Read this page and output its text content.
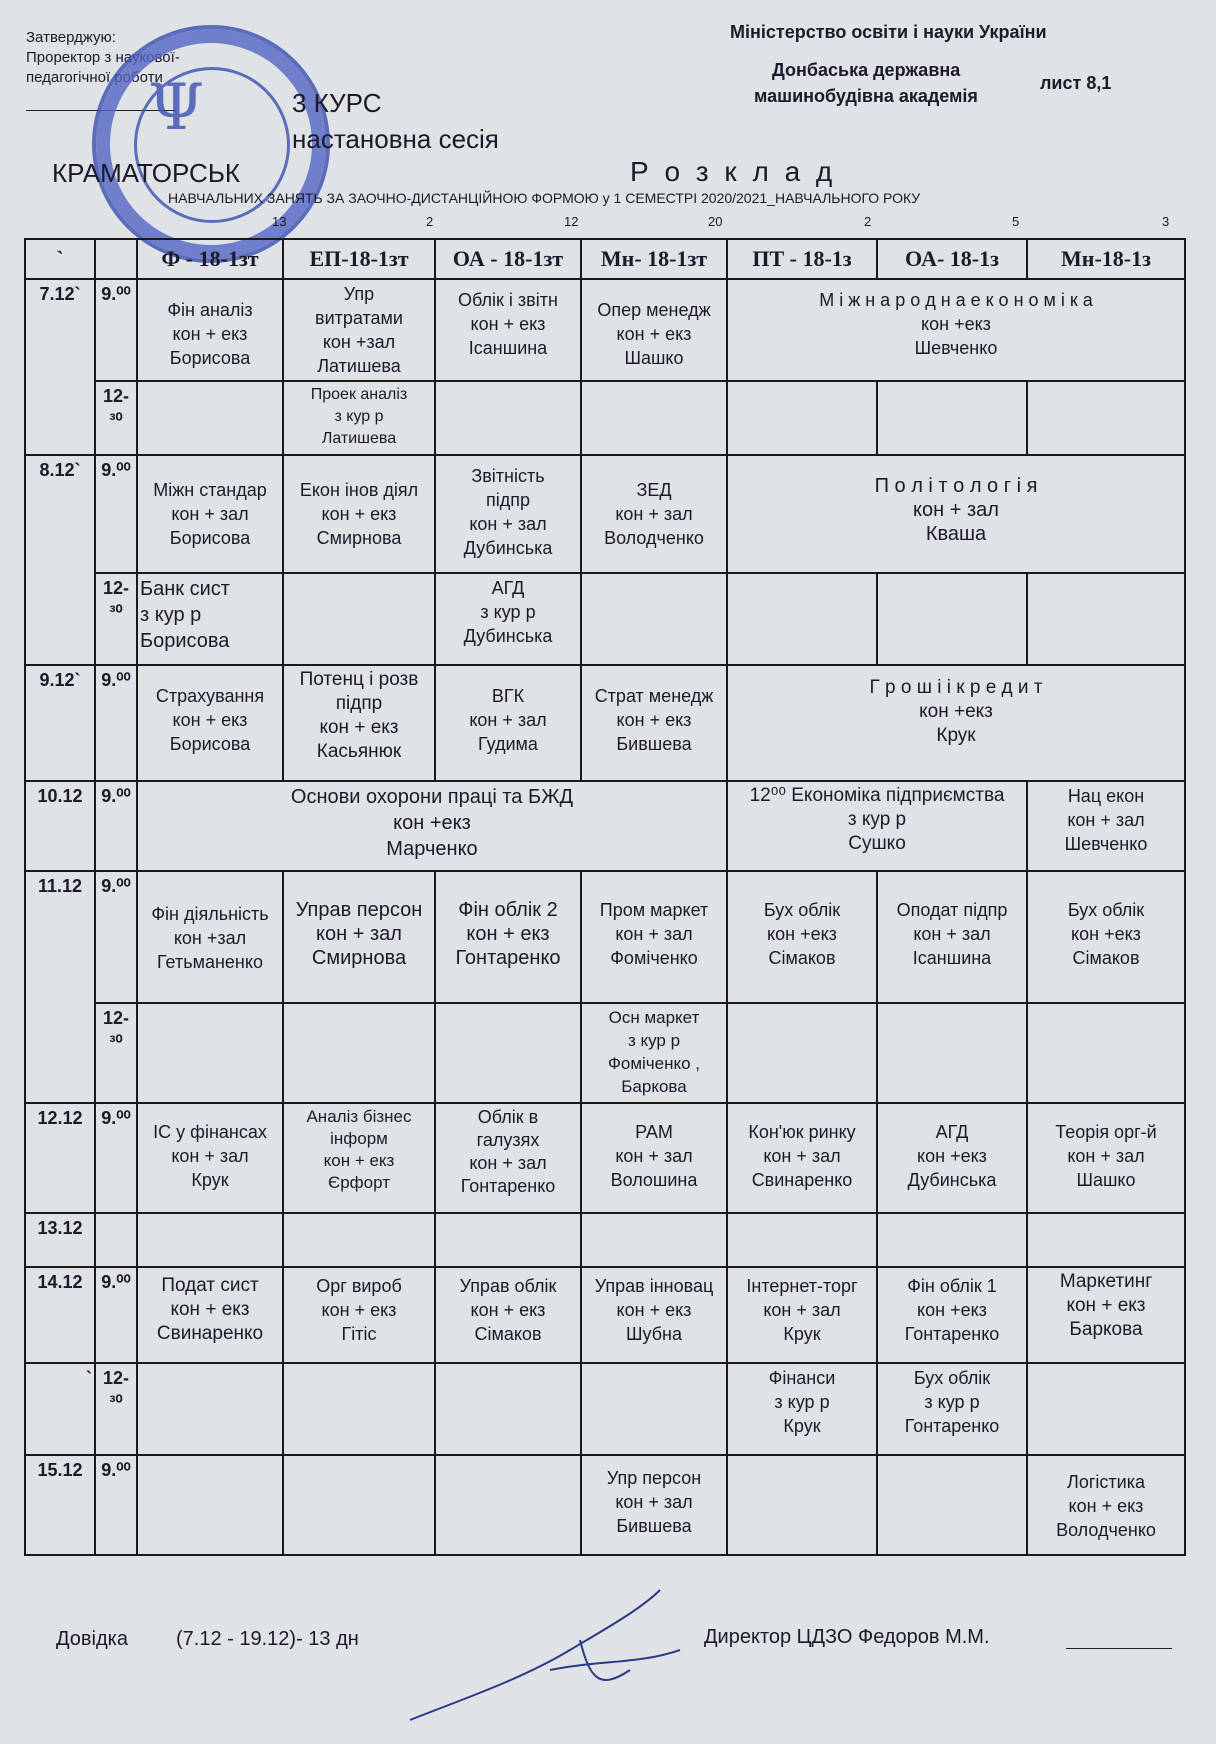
Затверджую:
Проректор з наукової-
педагогічної роботи
Ψ
Міністерство освіти і науки України
Донбаська державна
машинобудівна академія
лист 8,1
3 КУРС
настановна сесія
КРАМАТОРСЬК	Р о з к л а д
НАВЧАЛЬНИХ ЗАНЯТЬ ЗА ЗАОЧНО-ДИСТАНЦІЙНОЮ ФОРМОЮ у 1 СЕМЕСТРІ 2020/2021_НАВЧАЛЬНОГО РОКУ
13	2	12	20	2	5	3
`		Ф - 18-1зт	ЕП-18-1зт	ОА - 18-1зт	Мн- 18-1зт	ПТ - 18-1з	ОА- 18-1з	Мн-18-1з
7.12`	9.⁰⁰	Фін аналіз
кон + екз
Борисова	Упр
витратами
кон +зал
Латишева	Облік і звітн
кон + екз
Ісаншина	Опер менедж
кон + екз
Шашко	М і ж н а р о д н а е к о н о м і к а
кон +екз
Шевченко		
	12-³⁰		Проек аналіз
з кур р
Латишева					
8.12`	9.⁰⁰	Міжн стандар
кон + зал
Борисова	Екон інов діял
кон + екз
Смирнова	Звітність
підпр
кон + зал
Дубинська	ЗЕД
кон + зал
Володченко	П о л і т о л о г і я
кон + зал
Кваша		
	12-³⁰	Банк сист
з кур р
Борисова		АГД
з кур р
Дубинська				
9.12`	9.⁰⁰	Страхування
кон + екз
Борисова	Потенц і розв
підпр
кон + екз
Касьянюк	ВГК
кон + зал
Гудима	Страт менедж
кон + екз
Бившева	Г р о ш і і к р е д и т
кон +екз
Крук		
10.12	9.⁰⁰	Основи охорони праці та БЖД
кон +екз
Марченко				12⁰⁰ Економіка підприємства
з кур р
Сушко		Нац екон
кон + зал
Шевченко
11.12	9.⁰⁰	Фін діяльність
кон +зал
Гетьманенко	Управ персон
кон + зал
Смирнова	Фін облік 2
кон + екз
Гонтаренко	Пром маркет
кон + зал
Фоміченко	Бух облік
кон +екз
Сімаков	Оподат підпр
кон + зал
Ісаншина	Бух облік
кон +екз
Сімаков
	12-³⁰				Осн маркет
з кур р
Фоміченко ,
Баркова			
12.12	9.⁰⁰	ІС у фінансах
кон + зал
Крук	Аналіз бізнес
інформ
кон + екз
Єрфорт	Облік в
галузях
кон + зал
Гонтаренко	РАМ
кон + зал
Волошина	Кон'юк ринку
кон + зал
Свинаренко	АГД
кон +екз
Дубинська	Теорія орг-й
кон + зал
Шашко
13.12								
14.12	9.⁰⁰	Подат сист
кон + екз
Свинаренко	Орг вироб
кон + екз
Гітіс	Управ облік
кон + екз
Сімаков	Управ інновац
кон + екз
Шубна	Інтернет-торг
кон + зал
Крук	Фін облік 1
кон +екз
Гонтаренко	Маркетинг
кон + екз
Баркова
`	12-³⁰					Фінанси
з кур р
Крук	Бух облік
з кур р
Гонтаренко	
15.12	9.⁰⁰				Упр персон
кон + зал
Бившева			Логістика
кон + екз
Володченко
Довідка (7.12 - 19.12)- 13 дн	Директор ЦДЗО Федоров М.М.
